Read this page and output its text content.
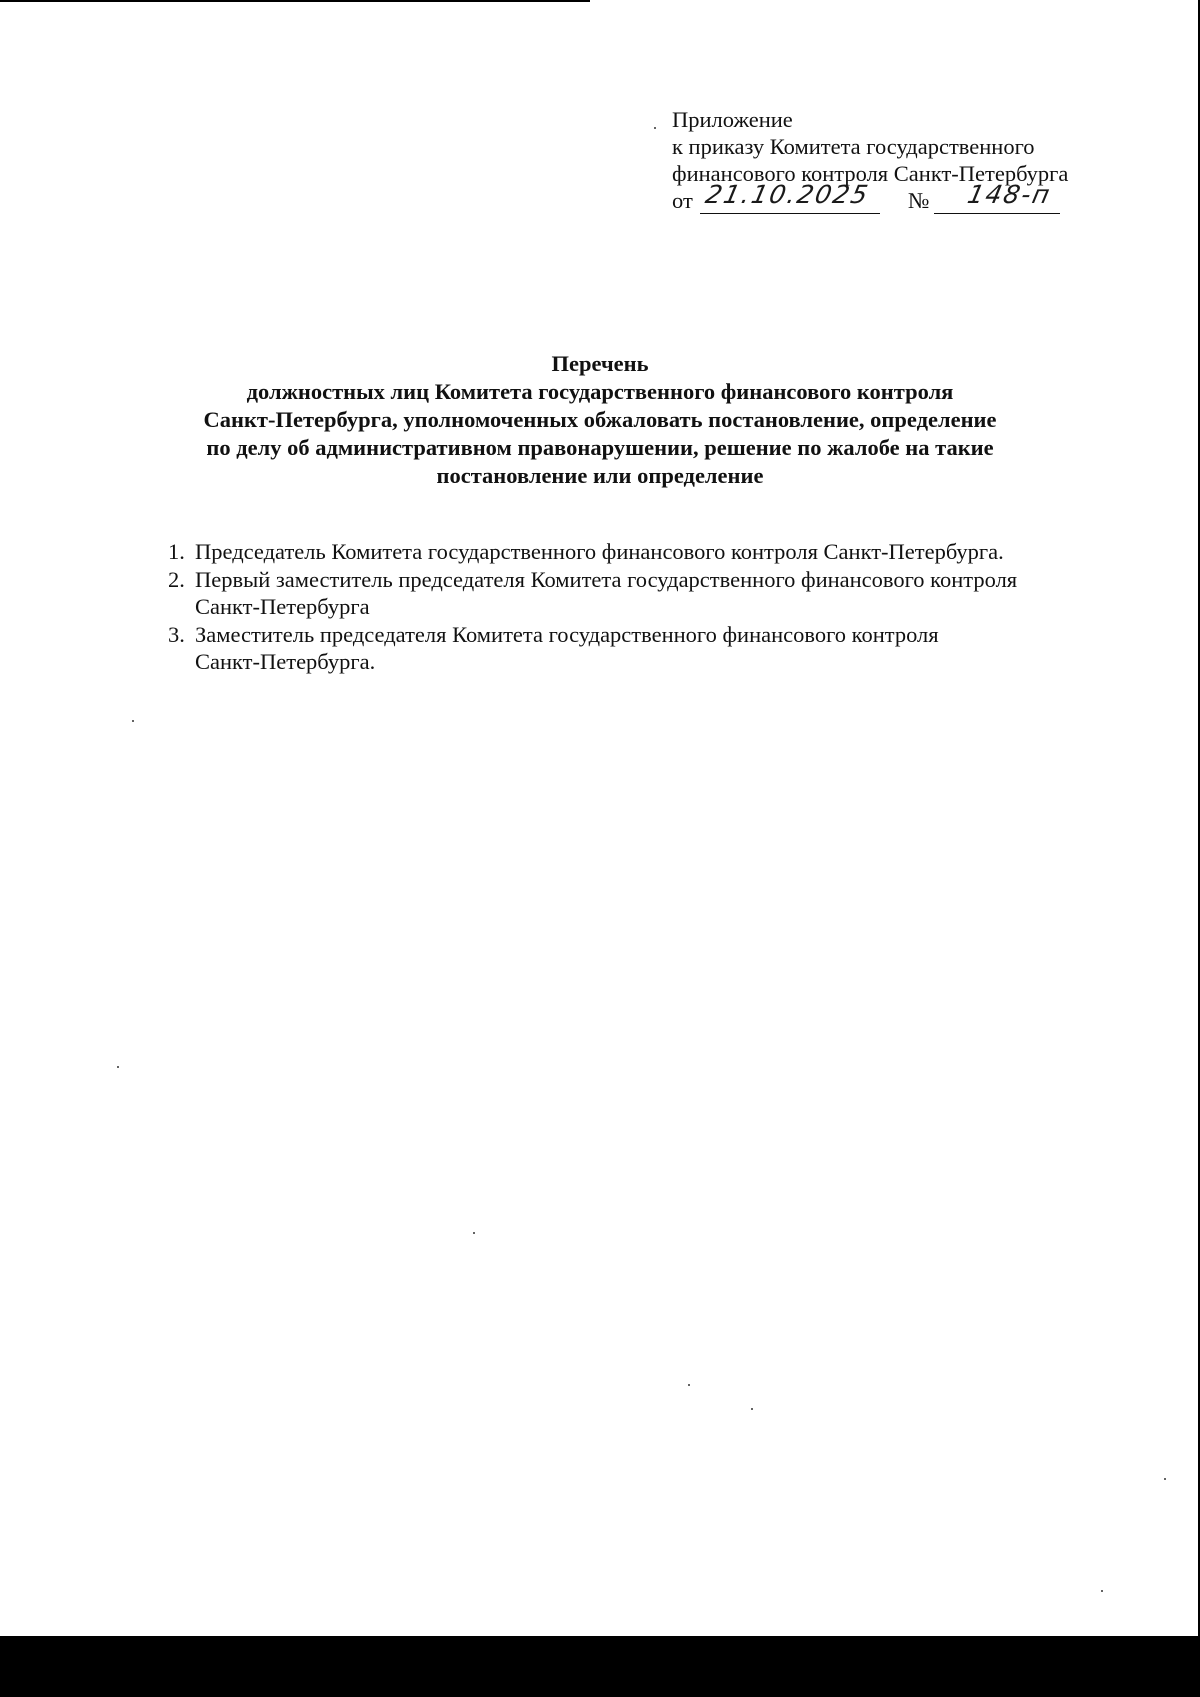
Приложение
к приказу Комитета государственного
финансового контроля Санкт-Петербурга
от 21.10.2025 № 148-п
Перечень
должностных лиц Комитета государственного финансового контроля
Санкт-Петербурга, уполномоченных обжаловать постановление, определение
по делу об административном правонарушении, решение по жалобе на такие
постановление или определение
1. Председатель Комитета государственного финансового контроля Санкт-Петербурга.
2. Первый заместитель председателя Комитета государственного финансового контроля
Санкт-Петербурга
3. Заместитель председателя Комитета государственного финансового контроля
Санкт-Петербурга.
